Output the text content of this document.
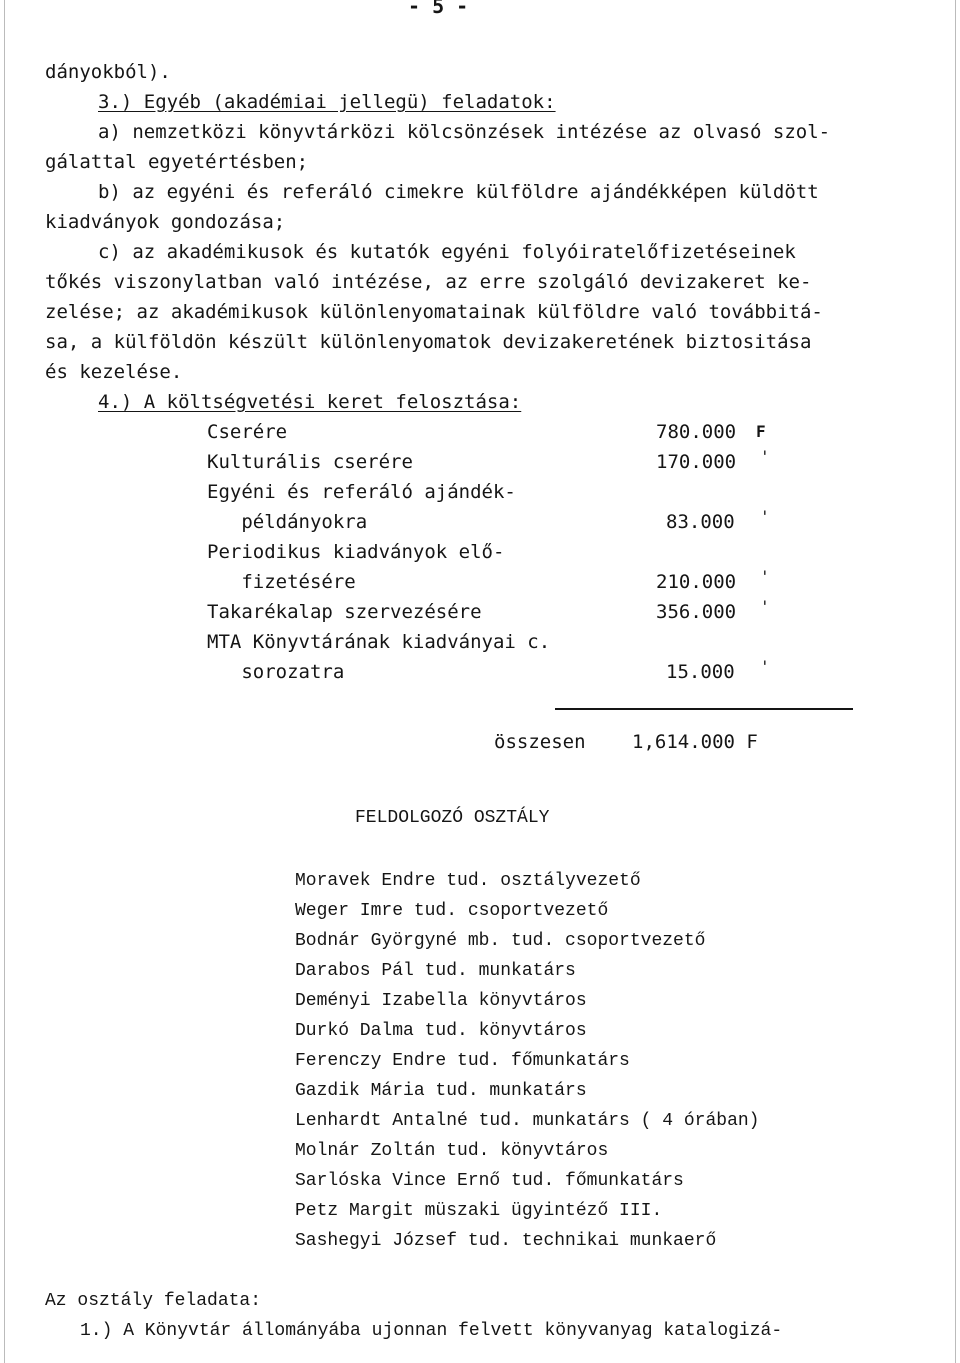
- 5 -
dányokból).
3.) Egyéb (akadémiai jellegü) feladatok:
a) nemzetközi könyvtárközi kölcsönzések intézése az olvasó szol-
gálattal egyetértésben;
b) az egyéni és referáló cimekre külföldre ajándékképen küldött
kiadványok gondozása;
c) az akadémikusok és kutatók egyéni folyóiratelőfizetéseinek
tőkés viszonylatban való intézése, az erre szolgáló devizakeret ke-
zelése; az akadémikusok különlenyomatainak külföldre való továbbitá-
sa, a külföldön készült különlenyomatok devizakeretének biztositása
és kezelése.
4.) A költségvetési keret felosztása:
Cserére	780.000 F
Kulturális cserére	170.000 '
Egyéni és referáló ajándék-
példányokra	83.000 '
Periodikus kiadványok elő-
fizetésére	210.000 '
Takarékalap szervezésére	356.000 '
MTA Könyvtárának kiadványai c.
sorozatra	15.000 '
összesen 1,614.000 F
FELDOLGOZÓ OSZTÁLY
Moravek Endre tud. osztályvezető
Weger Imre tud. csoportvezető
Bodnár Györgyné mb. tud. csoportvezető
Darabos Pál tud. munkatárs
Deményi Izabella könyvtáros
Durkó Dalma tud. könyvtáros
Ferenczy Endre tud. főmunkatárs
Gazdik Mária tud. munkatárs
Lenhardt Antalné tud. munkatárs ( 4 órában)
Molnár Zoltán tud. könyvtáros
Sarlóska Vince Ernő tud. főmunkatárs
Petz Margit müszaki ügyintéző III.
Sashegyi József tud. technikai munkaerő
Az osztály feladata:
1.) A Könyvtár állományába ujonnan felvett könyvanyag katalogizá-
